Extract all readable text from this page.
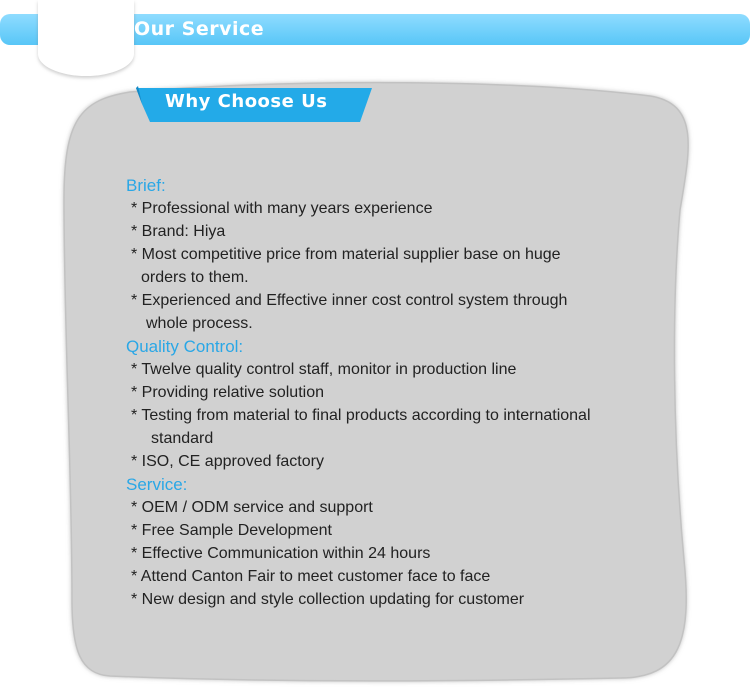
Our Service
Why Choose Us
Brief:
* Professional with many years experience
* Brand: Hiya
* Most competitive price from material supplier base on huge
orders to them.
* Experienced and Effective inner cost control system through
whole process.
Quality Control:
* Twelve quality control staff, monitor in production line
* Providing relative solution
* Testing from material to final products according to international
standard
* ISO, CE approved factory
Service:
* OEM / ODM service and support
* Free Sample Development
* Effective Communication within 24 hours
* Attend Canton Fair to meet customer face to face
* New design and style collection updating for customer
